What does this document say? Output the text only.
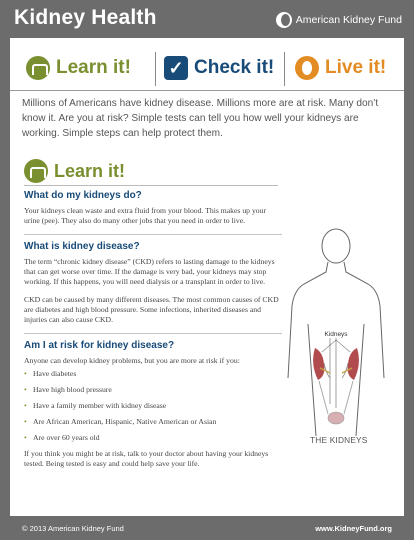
Kidney Health	American Kidney Fund
Learn it! ✓ Check it!	Live it!
Millions of Americans have kidney disease. Millions more are at risk. Many don’t know it. Are you at risk? Simple tests can tell you how well your kidneys are working. Simple steps can help protect them.
Learn it!
What do my kidneys do?
Your kidneys clean waste and extra fluid from your blood. This makes up your urine (pee). They also do many other jobs that you need in order to live.
What is kidney disease?
The term “chronic kidney disease” (CKD) refers to lasting damage to the kidneys that can get worse over time. If the damage is very bad, your kidneys may stop working. If this happens, you will need dialysis or a transplant in order to live.
CKD can be caused by many different diseases. The most common causes of CKD are diabetes and high blood pressure. Some infections, inherited diseases and injuries can also cause CKD.
Am I at risk for kidney disease?
Anyone can develop kidney problems, but you are more at risk if you:
• Have diabetes
• Have high blood pressure
• Have a family member with kidney disease
• Are African American, Hispanic, Native American or Asian
• Are over 60 years old
If you think you might be at risk, talk to your doctor about having your kidneys tested. Being tested is easy and could help save your life.
Kidneys
THE KIDNEYS
© 2013 American Kidney Fund	www.KidneyFund.org
